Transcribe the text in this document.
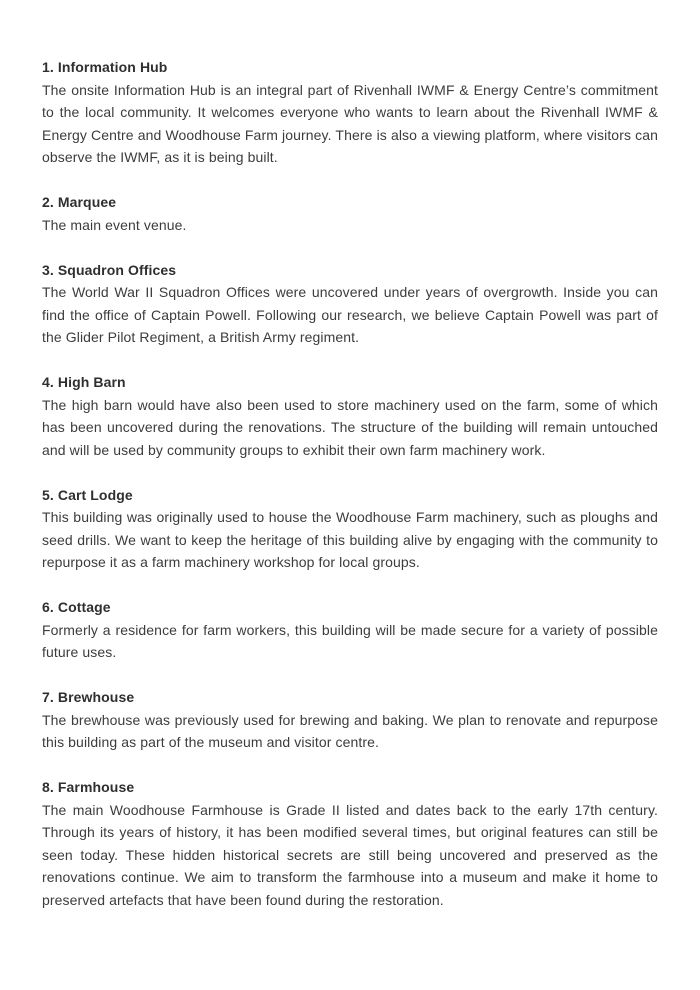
1. Information Hub

The onsite Information Hub is an integral part of Rivenhall IWMF & Energy Centre’s commitment to the local community. It welcomes everyone who wants to learn about the Rivenhall IWMF & Energy Centre and Woodhouse Farm journey. There is also a viewing platform, where visitors can observe the IWMF, as it is being built.

2. Marquee

The main event venue.

3. Squadron Offices

The World War II Squadron Offices were uncovered under years of overgrowth. Inside you can find the office of Captain Powell. Following our research, we believe Captain Powell was part of the Glider Pilot Regiment, a British Army regiment.

4. High Barn

The high barn would have also been used to store machinery used on the farm, some of which has been uncovered during the renovations. The structure of the building will remain untouched and will be used by community groups to exhibit their own farm machinery work.

5. Cart Lodge

This building was originally used to house the Woodhouse Farm machinery, such as ploughs and seed drills. We want to keep the heritage of this building alive by engaging with the community to repurpose it as a farm machinery workshop for local groups.

6. Cottage

Formerly a residence for farm workers, this building will be made secure for a variety of possible future uses.

7. Brewhouse

The brewhouse was previously used for brewing and baking. We plan to renovate and repurpose this building as part of the museum and visitor centre.

8. Farmhouse

The main Woodhouse Farmhouse is Grade II listed and dates back to the early 17th century. Through its years of history, it has been modified several times, but original features can still be seen today. These hidden historical secrets are still being uncovered and preserved as the renovations continue. We aim to transform the farmhouse into a museum and make it home to preserved artefacts that have been found during the restoration.
